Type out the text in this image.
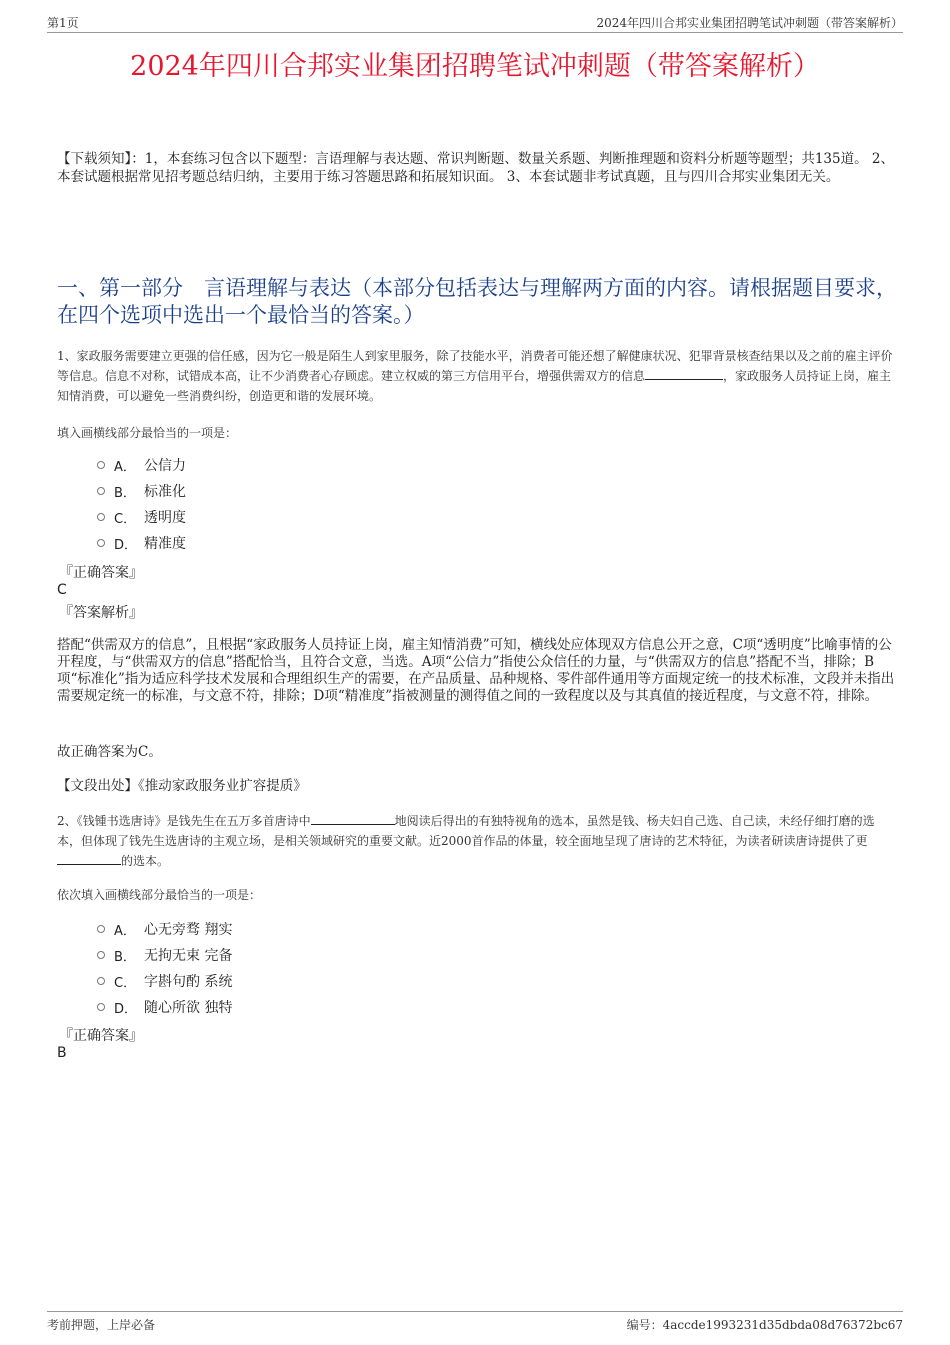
第1页	2024年四川合邦实业集团招聘笔试冲刺题（带答案解析）
2024年四川合邦实业集团招聘笔试冲刺题（带答案解析）
【下载须知】：1，本套练习包含以下题型：言语理解与表达题、常识判断题、数量关系题、判断推理题和资料分析题等题型；共135道。 2、本套试题根据常见招考题总结归纳，主要用于练习答题思路和拓展知识面。 3、本套试题非考试真题，且与四川合邦实业集团无关。
一、第一部分　言语理解与表达（本部分包括表达与理解两方面的内容。请根据题目要求，在四个选项中选出一个最恰当的答案。）
1、家政服务需要建立更强的信任感，因为它一般是陌生人到家里服务，除了技能水平，消费者可能还想了解健康状况、犯罪背景核查结果以及之前的雇主评价等信息。信息不对称，试错成本高，让不少消费者心存顾虑。建立权威的第三方信用平台，增强供需双方的信息	，家政服务人员持证上岗，雇主知情消费，可以避免一些消费纠纷，创造更和谐的发展环境。
填入画横线部分最恰当的一项是：
A． 公信力
B． 标准化
C． 透明度
D． 精准度
『正确答案』
C
『答案解析』
搭配“供需双方的信息”，且根据“家政服务人员持证上岗，雇主知情消费”可知，横线处应体现双方信息公开之意，C项“透明度”比喻事情的公开程度，与“供需双方的信息”搭配恰当，且符合文意，当选。A项“公信力”指使公众信任的力量，与“供需双方的信息”搭配不当，排除；B项“标准化”指为适应科学技术发展和合理组织生产的需要，在产品质量、品种规格、零件部件通用等方面规定统一的技术标准，文段并未指出需要规定统一的标准，与文意不符，排除；D项“精准度”指被测量的测得值之间的一致程度以及与其真值的接近程度，与文意不符，排除。
故正确答案为C。
【文段出处】《推动家政服务业扩容提质》
2、《钱锺书选唐诗》是钱先生在五万多首唐诗中	地阅读后得出的有独特视角的选本，虽然是钱、杨夫妇自己选、自己读，未经仔细打磨的选本，但体现了钱先生选唐诗的主观立场，是相关领域研究的重要文献。近2000首作品的体量，较全面地呈现了唐诗的艺术特征，为读者研读唐诗提供了更的选本。
依次填入画横线部分最恰当的一项是：
A． 心无旁骛 翔实
B． 无拘无束 完备
C． 字斟句酌 系统
D． 随心所欲 独特
『正确答案』
B
考前押题，上岸必备	编号：4accde1993231d35dbda08d76372bc67
